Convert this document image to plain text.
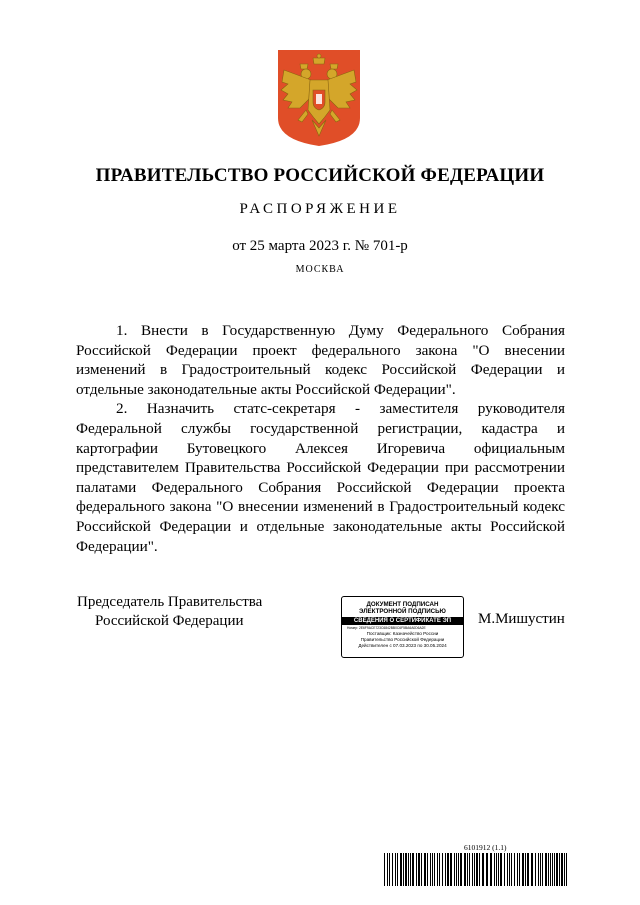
ПРАВИТЕЛЬСТВО РОССИЙСКОЙ ФЕДЕРАЦИИ
РАСПОРЯЖЕНИЕ
от 25 марта 2023 г. № 701-р
МОСКВА

1. Внести в Государственную Думу Федерального Собрания Российской Федерации проект федерального закона "О внесении изменений в Градостроительный кодекс Российской Федерации и отдельные законодательные акты Российской Федерации".

2. Назначить статс-секретаря - заместителя руководителя Федеральной службы государственной регистрации, кадастра и картографии Бутовецкого Алексея Игоревича официальным представителем Правительства Российской Федерации при рассмотрении палатами Федерального Собрания Российской Федерации проекта федерального закона "О внесении изменений в Градостроительный кодекс Российской Федерации и отдельные законодательные акты Российской Федерации".

Председатель Правительства
Российской Федерации
ДОКУМЕНТ ПОДПИСАН
ЭЛЕКТРОННОЙ ПОДПИСЬЮ
СВЕДЕНИЯ О СЕРТИФИКАТЕ ЭП
Номер: 2E6F9ACE723C6842BB0C6F5BA6A0D6A2E
Поставщик: Казначейство России
Правительство Российской Федерации
Действителен с 07.03.2023 по 30.05.2024
М.Мишустин
6101912 (1.1)
